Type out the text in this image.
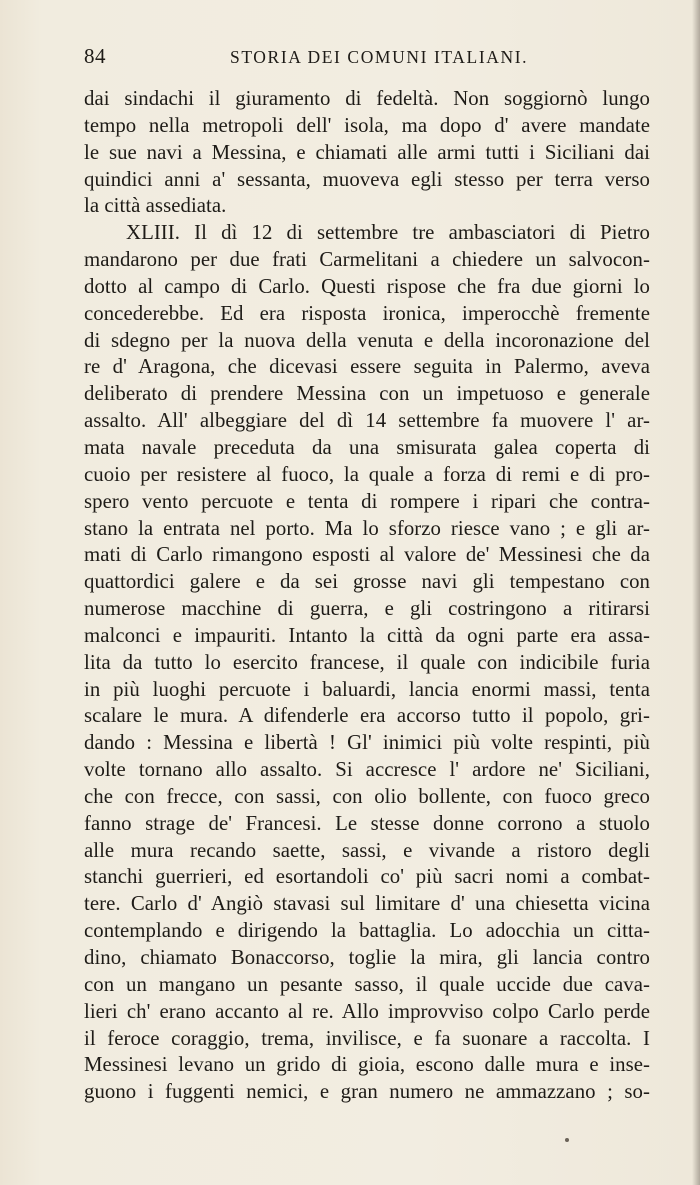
84	STORIA DEI COMUNI ITALIANI.
dai sindachi il giuramento di fedeltà. Non soggiornò lungo
tempo nella metropoli dell' isola, ma dopo d' avere mandate
le sue navi a Messina, e chiamati alle armi tutti i Siciliani dai
quindici anni a' sessanta, muoveva egli stesso per terra verso
la città assediata.
XLIII. Il dì 12 di settembre tre ambasciatori di Pietro
mandarono per due frati Carmelitani a chiedere un salvocon-
dotto al campo di Carlo. Questi rispose che fra due giorni lo
concederebbe. Ed era risposta ironica, imperocchè fremente
di sdegno per la nuova della venuta e della incoronazione del
re d' Aragona, che dicevasi essere seguita in Palermo, aveva
deliberato di prendere Messina con un impetuoso e generale
assalto. All' albeggiare del dì 14 settembre fa muovere l' ar-
mata navale preceduta da una smisurata galea coperta di
cuoio per resistere al fuoco, la quale a forza di remi e di pro-
spero vento percuote e tenta di rompere i ripari che contra-
stano la entrata nel porto. Ma lo sforzo riesce vano ; e gli ar-
mati di Carlo rimangono esposti al valore de' Messinesi che da
quattordici galere e da sei grosse navi gli tempestano con
numerose macchine di guerra, e gli costringono a ritirarsi
malconci e impauriti. Intanto la città da ogni parte era assa-
lita da tutto lo esercito francese, il quale con indicibile furia
in più luoghi percuote i baluardi, lancia enormi massi, tenta
scalare le mura. A difenderle era accorso tutto il popolo, gri-
dando : Messina e libertà ! Gl' inimici più volte respinti, più
volte tornano allo assalto. Si accresce l' ardore ne' Siciliani,
che con frecce, con sassi, con olio bollente, con fuoco greco
fanno strage de' Francesi. Le stesse donne corrono a stuolo
alle mura recando saette, sassi, e vivande a ristoro degli
stanchi guerrieri, ed esortandoli co' più sacri nomi a combat-
tere. Carlo d' Angiò stavasi sul limitare d' una chiesetta vicina
contemplando e dirigendo la battaglia. Lo adocchia un citta-
dino, chiamato Bonaccorso, toglie la mira, gli lancia contro
con un mangano un pesante sasso, il quale uccide due cava-
lieri ch' erano accanto al re. Allo improvviso colpo Carlo perde
il feroce coraggio, trema, invilisce, e fa suonare a raccolta. I
Messinesi levano un grido di gioia, escono dalle mura e inse-
guono i fuggenti nemici, e gran numero ne ammazzano ; so-
